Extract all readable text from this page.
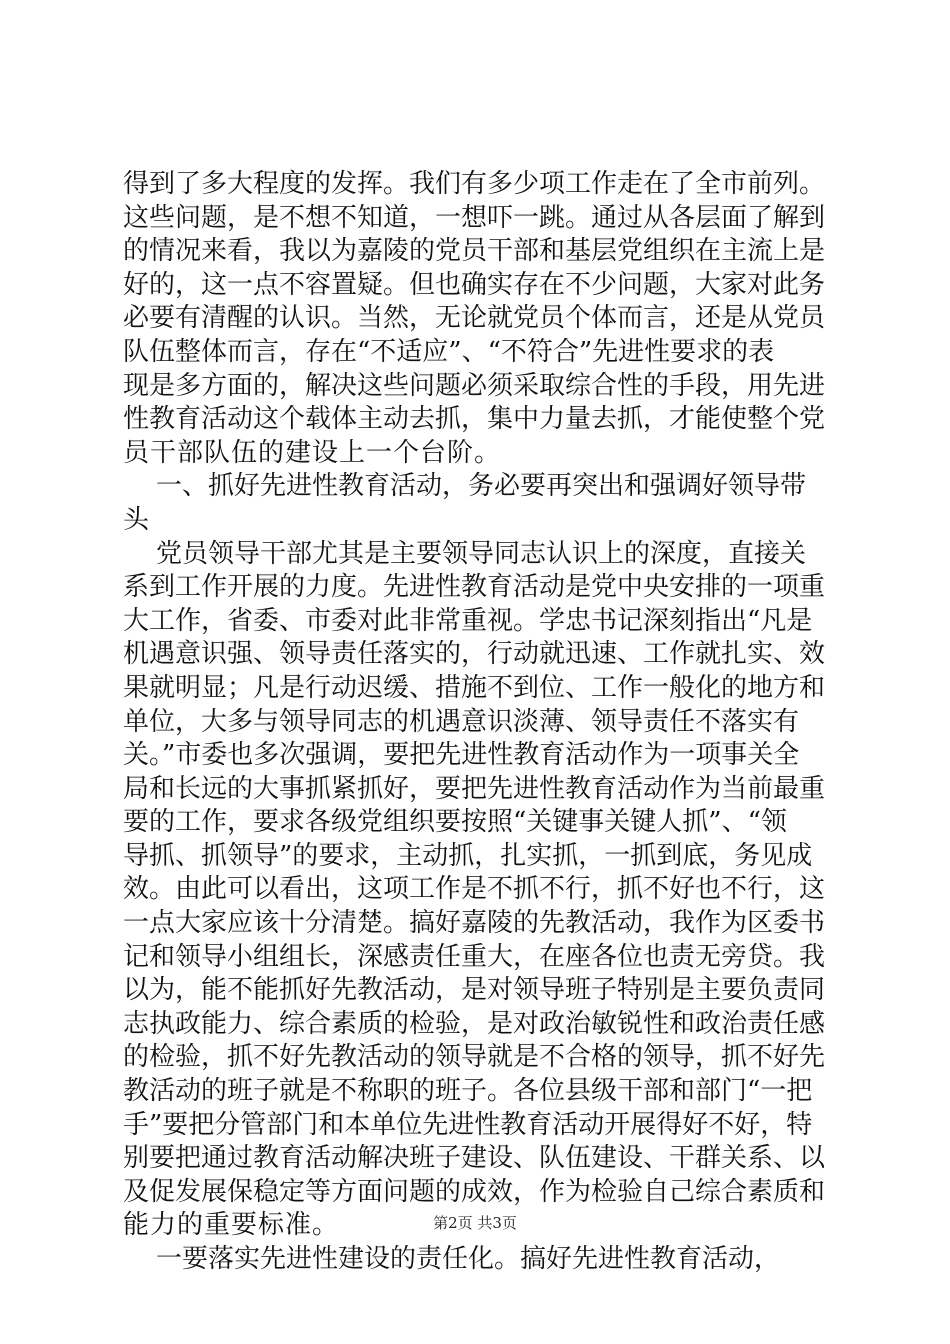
得到了多大程度的发挥。我们有多少项工作走在了全市前列。
这些问题，是不想不知道，一想吓一跳。通过从各层面了解到
的情况来看，我以为嘉陵的党员干部和基层党组织在主流上是
好的，这一点不容置疑。但也确实存在不少问题，大家对此务
必要有清醒的认识。当然，无论就党员个体而言，还是从党员
队伍整体而言，存在“不适应”、“不符合”先进性要求的表
现是多方面的，解决这些问题必须采取综合性的手段，用先进
性教育活动这个载体主动去抓，集中力量去抓，才能使整个党
员干部队伍的建设上一个台阶。
一、抓好先进性教育活动，务必要再突出和强调好领导带
头
党员领导干部尤其是主要领导同志认识上的深度，直接关
系到工作开展的力度。先进性教育活动是党中央安排的一项重
大工作，省委、市委对此非常重视。学忠书记深刻指出“凡是
机遇意识强、领导责任落实的，行动就迅速、工作就扎实、效
果就明显；凡是行动迟缓、措施不到位、工作一般化的地方和
单位，大多与领导同志的机遇意识淡薄、领导责任不落实有
关。”市委也多次强调，要把先进性教育活动作为一项事关全
局和长远的大事抓紧抓好，要把先进性教育活动作为当前最重
要的工作，要求各级党组织要按照“关键事关键人抓”、“领
导抓、抓领导”的要求，主动抓，扎实抓，一抓到底，务见成
效。由此可以看出，这项工作是不抓不行，抓不好也不行，这
一点大家应该十分清楚。搞好嘉陵的先教活动，我作为区委书
记和领导小组组长，深感责任重大，在座各位也责无旁贷。我
以为，能不能抓好先教活动，是对领导班子特别是主要负责同
志执政能力、综合素质的检验，是对政治敏锐性和政治责任感
的检验，抓不好先教活动的领导就是不合格的领导，抓不好先
教活动的班子就是不称职的班子。各位县级干部和部门“一把
手”要把分管部门和本单位先进性教育活动开展得好不好，特
别要把通过教育活动解决班子建设、队伍建设、干群关系、以
及促发展保稳定等方面问题的成效，作为检验自己综合素质和
能力的重要标准。
一要落实先进性建设的责任化。搞好先进性教育活动，
第2页 共3页
